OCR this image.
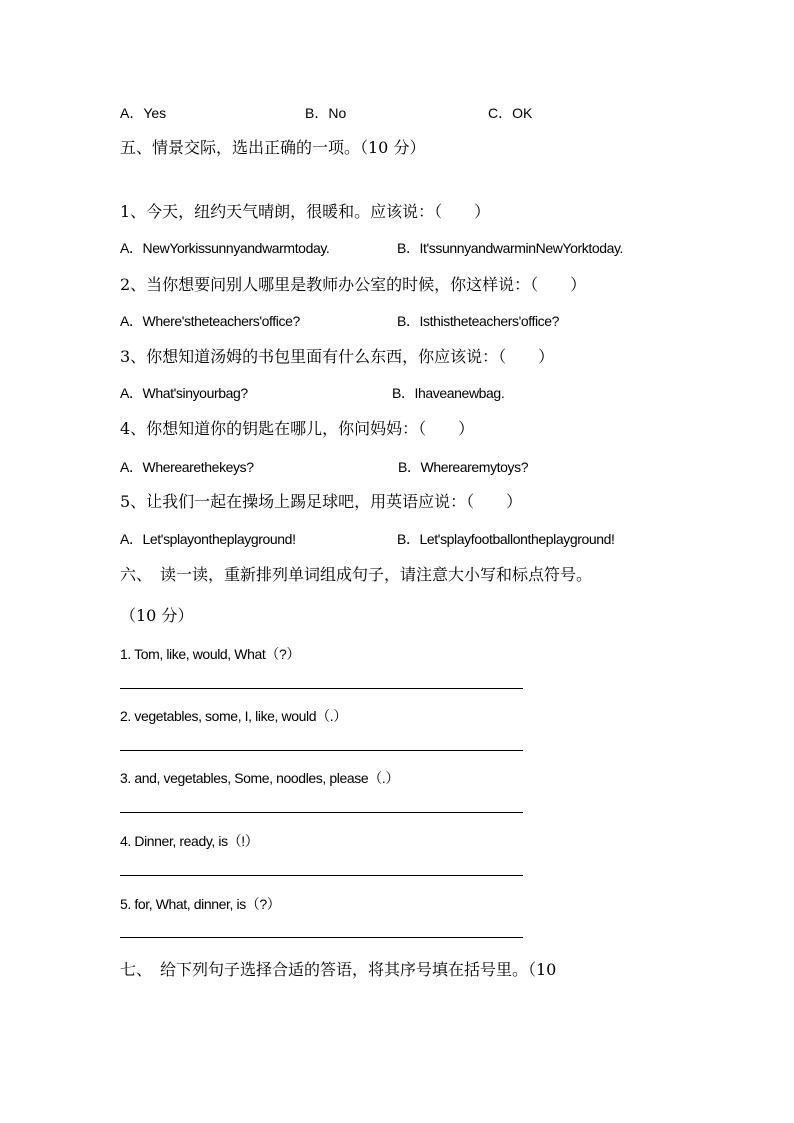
A．Yes	B．No	C．OK
五、情景交际，选出正确的一项。（10 分）
1、今天，纽约天气晴朗，很暖和。应该说：（　　）
A．NewYorkissunnyandwarmtoday.	B．It'ssunnyandwarminNewYorktoday.
2、当你想要问别人哪里是教师办公室的时候，你这样说：（　　）
A．Where'stheteachers'office?	B．Isthistheteachers'office?
3、你想知道汤姆的书包里面有什么东西，你应该说：（　　）
A．What'sinyourbag?	B．Ihaveanewbag.
4、你想知道你的钥匙在哪儿，你问妈妈：（　　）
A．Wherearethekeys?	B．Wherearemytoys?
5、让我们一起在操场上踢足球吧，用英语应说：（　　）
A．Let'splayontheplayground!	B．Let'splayfootballontheplayground!
六、　读一读，重新排列单词组成句子，请注意大小写和标点符号。
（10 分）
1. Tom, like, would, What（?）
2. vegetables, some, I, like, would（.）
3. and, vegetables, Some, noodles, please（.）
4. Dinner, ready, is（!）
5. for, What, dinner, is（?）
七、　给下列句子选择合适的答语，将其序号填在括号里。（10
